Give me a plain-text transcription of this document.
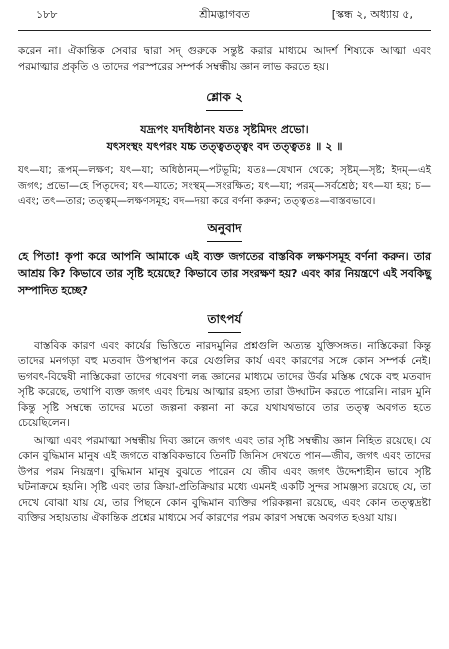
১৮৮	শ্রীমদ্ভাগবত	[স্কন্ধ ২, অধ্যায় ৫,

করেন না। ঐকান্তিক সেবার দ্বারা সদ্ গুরুকে সন্তুষ্ট করার মাধ্যমে আদর্শ শিষ্যকে আত্মা এবং পরমাত্মার প্রকৃতি ও তাদের পরস্পরের সম্পর্ক সম্বন্ধীয় জ্ঞান লাভ করতে হয়।

শ্লোক ২

যদ্রূপং যদধিষ্ঠানং যতঃ সৃষ্টমিদং প্রভো।

যৎসংস্থং যৎপরং যচ্চ তত্ত্বতত্ত্বং বদ তত্ত্বতঃ ॥ ২ ॥

যৎ—যা; রূপম্—লক্ষণ; যৎ—যা; অধিষ্ঠানম্—পটভূমি; যতঃ—যেখান থেকে; সৃষ্টম্—সৃষ্ট; ইদম্—এই জগৎ; প্রভো—হে পিতৃদেব; যৎ—যাতে; সংস্থম্—সংরক্ষিত; যৎ—যা; পরম্—সর্বশ্রেষ্ঠ; যৎ—যা হয়; চ—এবং; তৎ—তার; তত্ত্বম্—লক্ষণসমূহ; বদ—দয়া করে বর্ণনা করুন; তত্ত্বতঃ—বাস্তবভাবে।

অনুবাদ

হে পিতা! কৃপা করে আপনি আমাকে এই ব্যক্ত জগতের বাস্তবিক লক্ষণসমূহ বর্ণনা করুন। তার আশ্রয় কি? কিভাবে তার সৃষ্টি হয়েছে? কিভাবে তার সংরক্ষণ হয়? এবং কার নিয়ন্ত্রণে এই সবকিছু সম্পাদিত হচ্ছে?

তাৎপর্য

বাস্তবিক কারণ এবং কার্যের ভিত্তিতে নারদমুনির প্রশ্নগুলি অত্যন্ত যুক্তিসঙ্গত। নাস্তিকেরা কিন্তু তাদের মনগড়া বহু মতবাদ উপস্থাপন করে যেগুলির কার্য এবং কারণের সঙ্গে কোন সম্পর্ক নেই। ভগবৎ-বিদ্বেষী নাস্তিকেরা তাদের গবেষণা লব্ধ জ্ঞানের মাধ্যমে তাদের উর্বর মস্তিষ্ক থেকে বহু মতবাদ সৃষ্টি করেছে, তথাপি ব্যক্ত জগৎ এবং চিন্ময় আত্মার রহস্য তারা উদ্ঘাটন করতে পারেনি। নারদ মুনি কিন্তু সৃষ্টি সম্বন্ধে তাদের মতো জল্পনা কল্পনা না করে যথাযথভাবে তার তত্ত্ব অবগত হতে চেয়েছিলেন।

আত্মা এবং পরমাত্মা সম্বন্ধীয় দিব্য জ্ঞানে জগৎ এবং তার সৃষ্টি সম্বন্ধীয় জ্ঞান নিহিত রয়েছে। যে কোন বুদ্ধিমান মানুষ এই জগতে বাস্তবিকভাবে তিনটি জিনিস দেখতে পান—জীব, জগৎ এবং তাদের উপর পরম নিয়ন্ত্রণ। বুদ্ধিমান মানুষ বুঝতে পারেন যে জীব এবং জগৎ উদ্দেশ্যহীন ভাবে সৃষ্টি ঘটনাক্রমে হয়নি। সৃষ্টি এবং তার ক্রিয়া-প্রতিক্রিয়ার মধ্যে এমনই একটি সুন্দর সামঞ্জস্য রয়েছে যে, তা দেখে বোঝা যায় যে, তার পিছনে কোন বুদ্ধিমান ব্যক্তির পরিকল্পনা রয়েছে, এবং কোন তত্ত্বদ্রষ্টা ব্যক্তির সহায়তায় ঐকান্তিক প্রশ্নের মাধ্যমে সর্ব কারণের পরম কারণ সম্বন্ধে অবগত হওয়া যায়।
